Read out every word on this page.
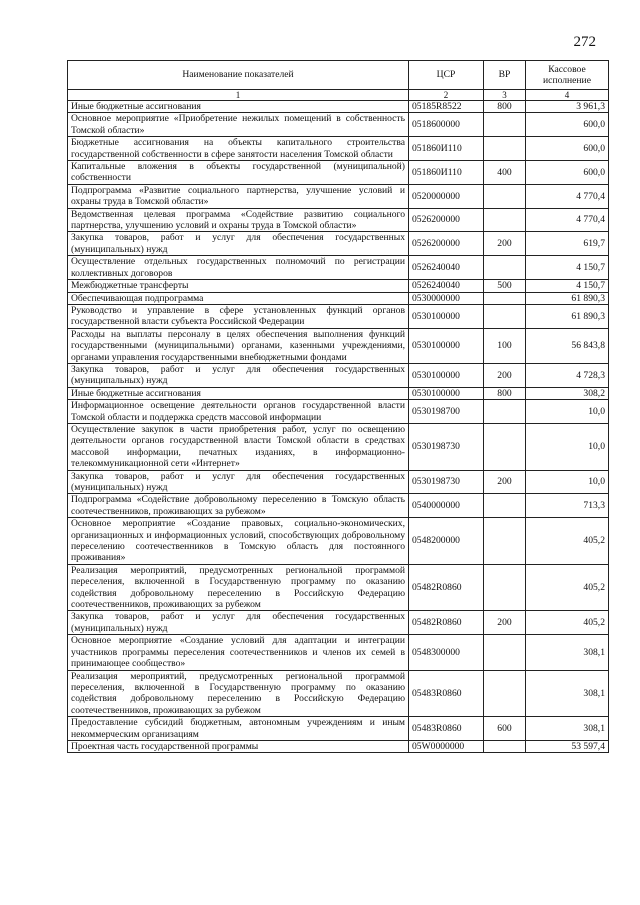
272
Наименование показателей	ЦСР	ВР	Кассовое исполнение
1	2	3	4
Иные бюджетные ассигнования	05185R8522	800	3 961,3
Основное мероприятие «Приобретение нежилых помещений в собственность Томской области»	0518600000		600,0
Бюджетные ассигнования на объекты капитального строительства государственной собственности в сфере занятости населения Томской области	051860И110		600,0
Капитальные вложения в объекты государственной (муниципальной) собственности	051860И110	400	600,0
Подпрограмма «Развитие социального партнерства, улучшение условий и охраны труда в Томской области»	0520000000		4 770,4
Ведомственная целевая программа «Содействие развитию социального партнерства, улучшению условий и охраны труда в Томской области»	0526200000		4 770,4
Закупка товаров, работ и услуг для обеспечения государственных (муниципальных) нужд	0526200000	200	619,7
Осуществление отдельных государственных полномочий по регистрации коллективных договоров	0526240040		4 150,7
Межбюджетные трансферты	0526240040	500	4 150,7
Обеспечивающая подпрограмма	0530000000		61 890,3
Руководство и управление в сфере установленных функций органов государственной власти субъекта Российской Федерации	0530100000		61 890,3
Расходы на выплаты персоналу в целях обеспечения выполнения функций государственными (муниципальными) органами, казенными учреждениями, органами управления государственными внебюджетными фондами	0530100000	100	56 843,8
Закупка товаров, работ и услуг для обеспечения государственных (муниципальных) нужд	0530100000	200	4 728,3
Иные бюджетные ассигнования	0530100000	800	308,2
Информационное освещение деятельности органов государственной власти Томской области и поддержка средств массовой информации	0530198700		10,0
Осуществление закупок в части приобретения работ, услуг по освещению деятельности органов государственной власти Томской области в средствах массовой информации, печатных изданиях, в информационно-телекоммуникационной сети «Интернет»	0530198730		10,0
Закупка товаров, работ и услуг для обеспечения государственных (муниципальных) нужд	0530198730	200	10,0
Подпрограмма «Содействие добровольному переселению в Томскую область соотечественников, проживающих за рубежом»	0540000000		713,3
Основное мероприятие «Создание правовых, социально-экономических, организационных и информационных условий, способствующих добровольному переселению соотечественников в Томскую область для постоянного проживания»	0548200000		405,2
Реализация мероприятий, предусмотренных региональной программой переселения, включенной в Государственную программу по оказанию содействия добровольному переселению в Российскую Федерацию соотечественников, проживающих за рубежом	05482R0860		405,2
Закупка товаров, работ и услуг для обеспечения государственных (муниципальных) нужд	05482R0860	200	405,2
Основное мероприятие «Создание условий для адаптации и интеграции участников программы переселения соотечественников и членов их семей в принимающее сообщество»	0548300000		308,1
Реализация мероприятий, предусмотренных региональной программой переселения, включенной в Государственную программу по оказанию содействия добровольному переселению в Российскую Федерацию соотечественников, проживающих за рубежом	05483R0860		308,1
Предоставление субсидий бюджетным, автономным учреждениям и иным некоммерческим организациям	05483R0860	600	308,1
Проектная часть государственной программы	05W0000000		53 597,4
